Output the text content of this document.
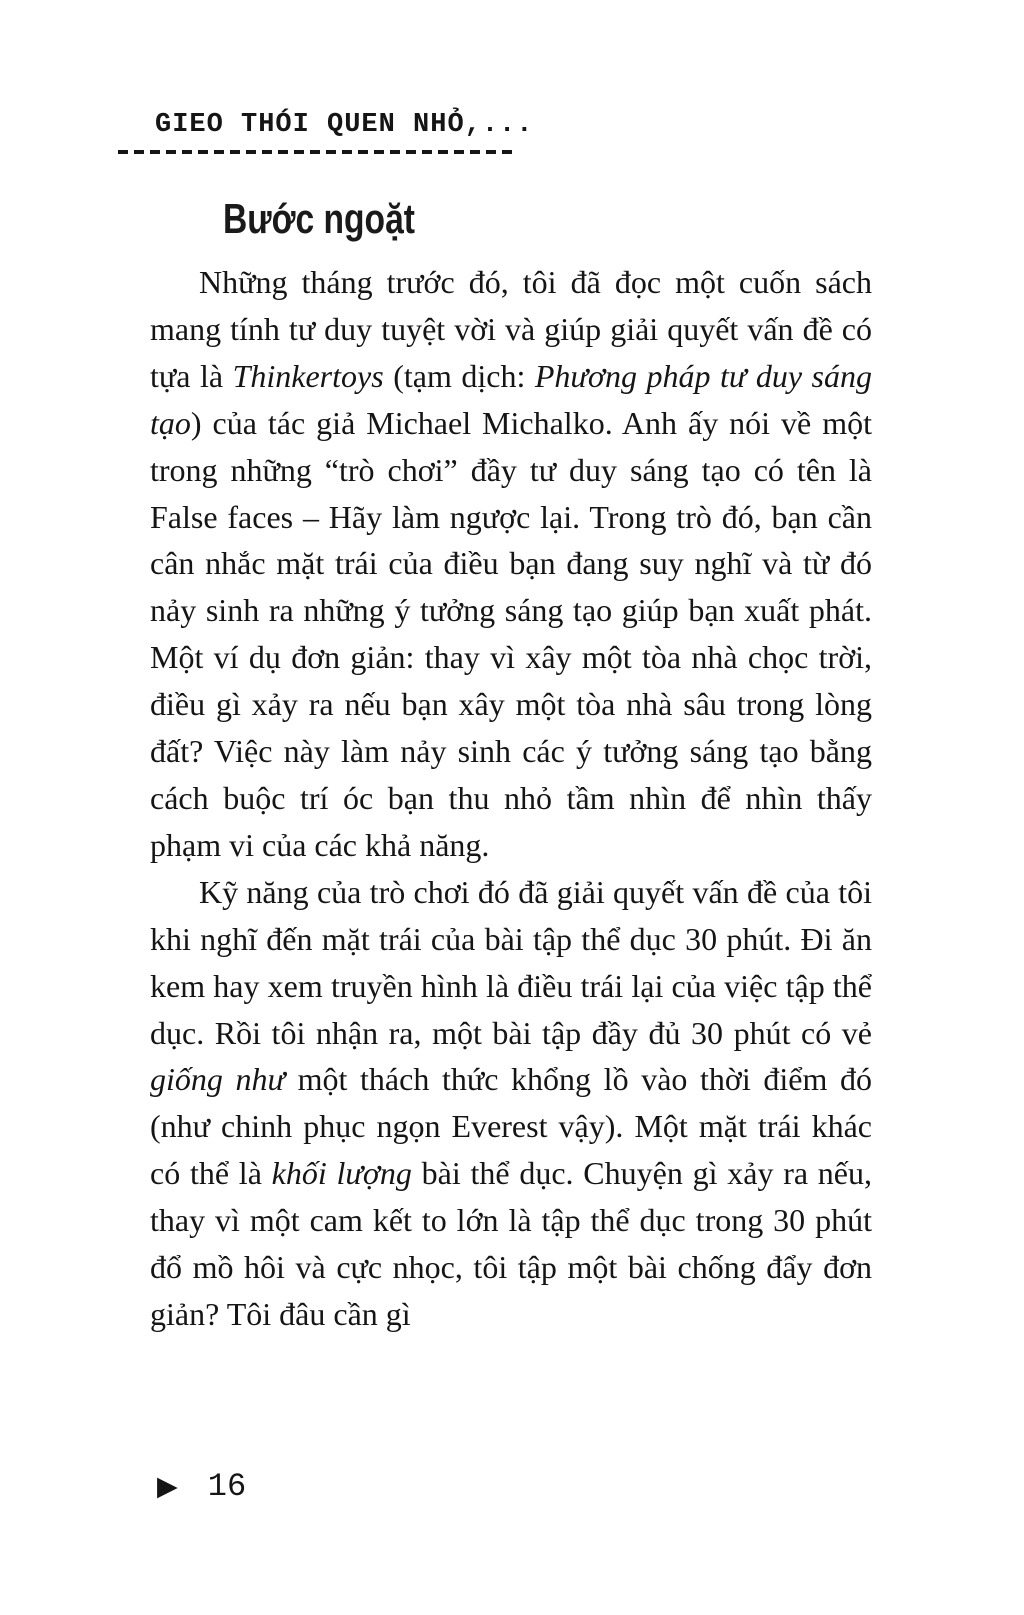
GIEO THÓI QUEN NHỎ,...
Bước ngoặt

Những tháng trước đó, tôi đã đọc một cuốn sách mang tính tư duy tuyệt vời và giúp giải quyết vấn đề có tựa là Thinkertoys (tạm dịch: Phương pháp tư duy sáng tạo) của tác giả Michael Michalko. Anh ấy nói về một trong những “trò chơi” đầy tư duy sáng tạo có tên là False faces – Hãy làm ngược lại. Trong trò đó, bạn cần cân nhắc mặt trái của điều bạn đang suy nghĩ và từ đó nảy sinh ra những ý tưởng sáng tạo giúp bạn xuất phát. Một ví dụ đơn giản: thay vì xây một tòa nhà chọc trời, điều gì xảy ra nếu bạn xây một tòa nhà sâu trong lòng đất? Việc này làm nảy sinh các ý tưởng sáng tạo bằng cách buộc trí óc bạn thu nhỏ tầm nhìn để nhìn thấy phạm vi của các khả năng.

Kỹ năng của trò chơi đó đã giải quyết vấn đề của tôi khi nghĩ đến mặt trái của bài tập thể dục 30 phút. Đi ăn kem hay xem truyền hình là điều trái lại của việc tập thể dục. Rồi tôi nhận ra, một bài tập đầy đủ 30 phút có vẻ giống như một thách thức khổng lồ vào thời điểm đó (như chinh phục ngọn Everest vậy). Một mặt trái khác có thể là khối lượng bài thể dục. Chuyện gì xảy ra nếu, thay vì một cam kết to lớn là tập thể dục trong 30 phút đổ mồ hôi và cực nhọc, tôi tập một bài chống đẩy đơn giản? Tôi đâu cần gì

▶ 16
